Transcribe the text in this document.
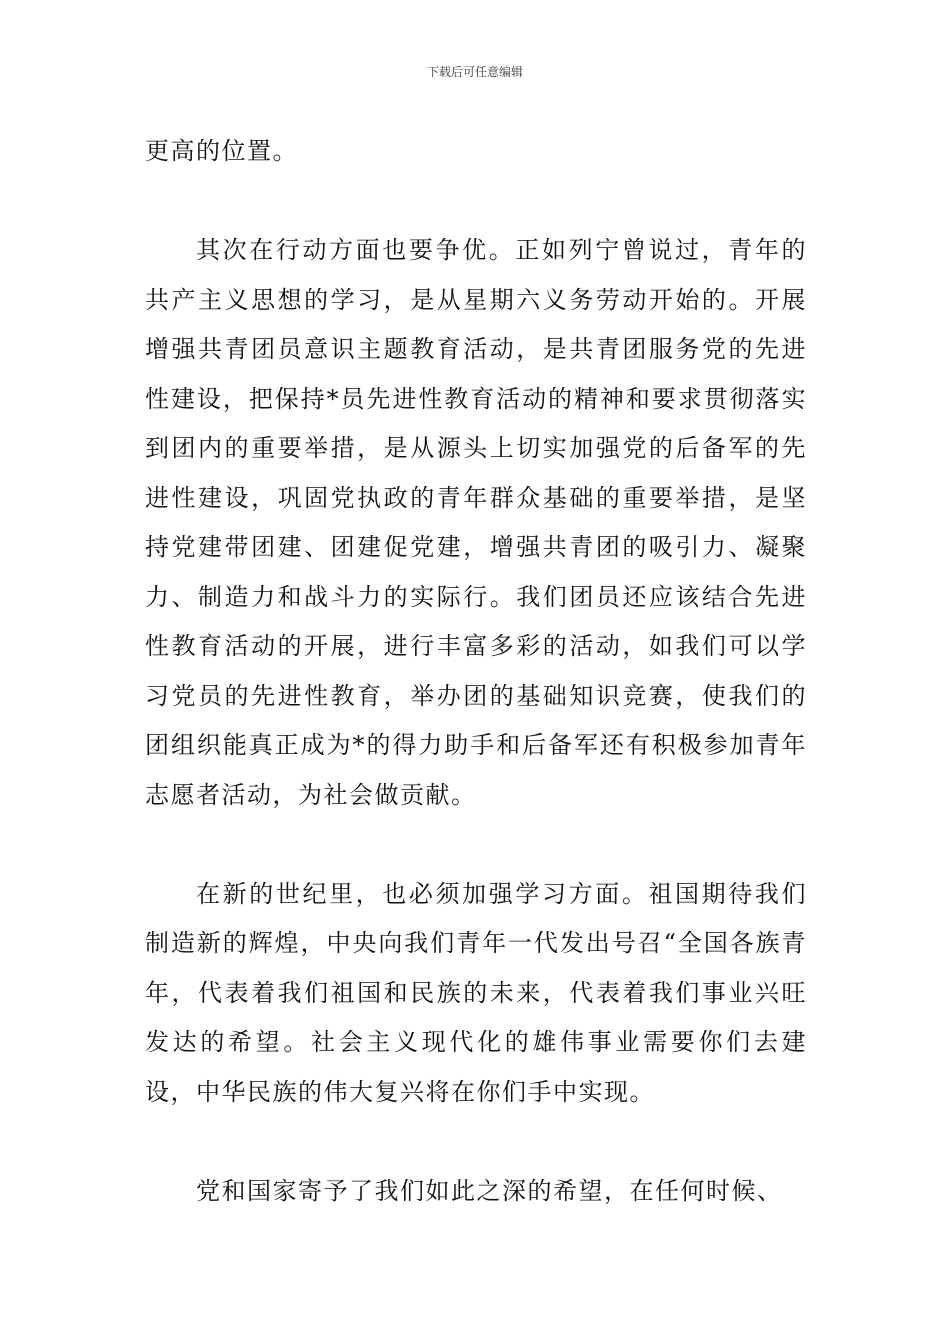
下载后可任意编辑

更高的位置。

其次在行动方面也要争优。正如列宁曾说过，青年的共产主义思想的学习，是从星期六义务劳动开始的。开展增强共青团员意识主题教育活动，是共青团服务党的先进性建设，把保持*员先进性教育活动的精神和要求贯彻落实到团内的重要举措，是从源头上切实加强党的后备军的先进性建设，巩固党执政的青年群众基础的重要举措，是坚持党建带团建、团建促党建，增强共青团的吸引力、凝聚力、制造力和战斗力的实际行。我们团员还应该结合先进性教育活动的开展，进行丰富多彩的活动，如我们可以学习党员的先进性教育，举办团的基础知识竞赛，使我们的团组织能真正成为*的得力助手和后备军还有积极参加青年志愿者活动，为社会做贡献。

在新的世纪里，也必须加强学习方面。祖国期待我们制造新的辉煌，中央向我们青年一代发出号召“全国各族青年，代表着我们祖国和民族的未来，代表着我们事业兴旺发达的希望。社会主义现代化的雄伟事业需要你们去建设，中华民族的伟大复兴将在你们手中实现。

党和国家寄予了我们如此之深的希望，在任何时候、
